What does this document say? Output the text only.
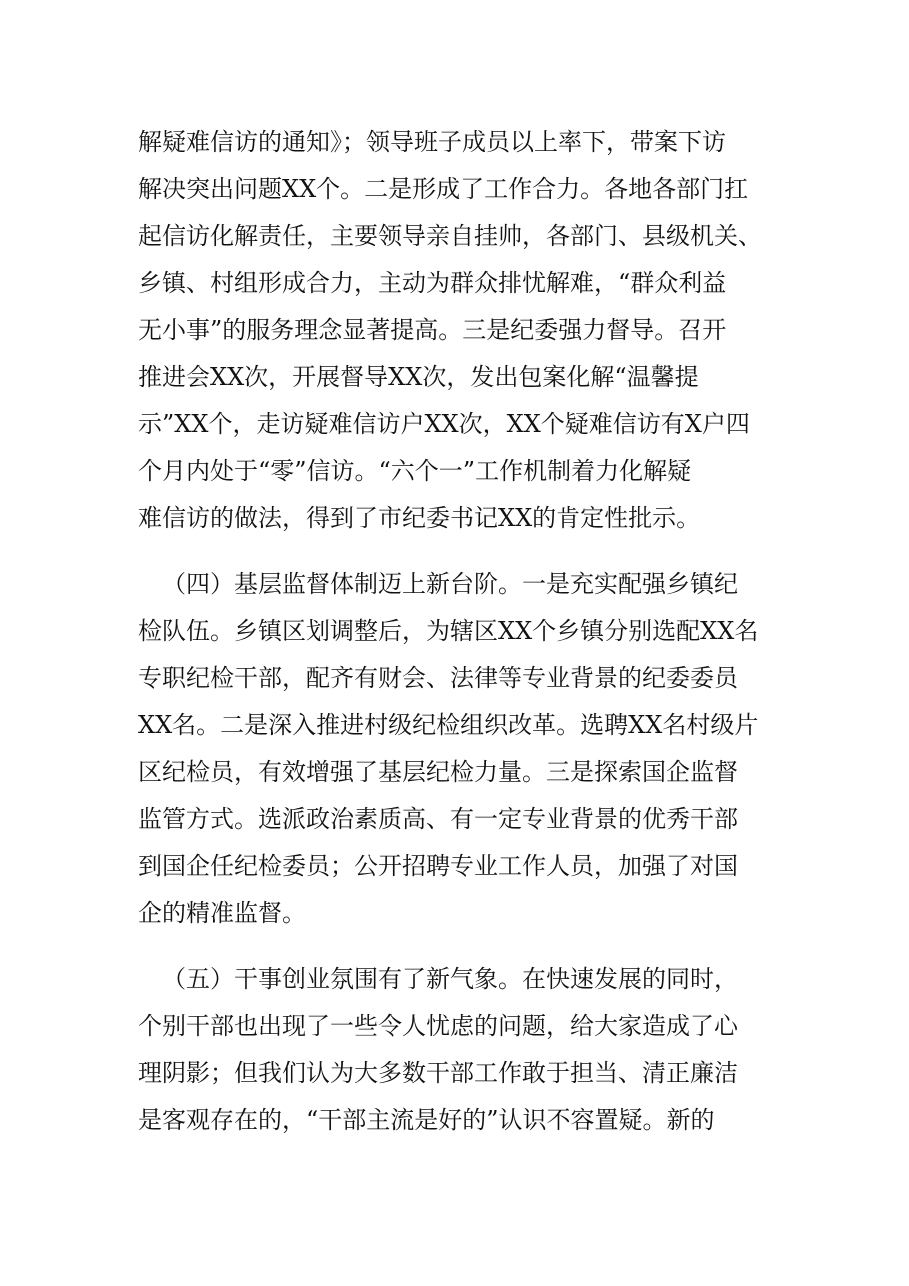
解疑难信访的通知》；领导班子成员以上率下，带案下访
解决突出问题XX个。二是形成了工作合力。各地各部门扛
起信访化解责任，主要领导亲自挂帅，各部门、县级机关、
乡镇、村组形成合力，主动为群众排忧解难，“群众利益
无小事”的服务理念显著提高。三是纪委强力督导。召开
推进会XX次，开展督导XX次，发出包案化解“温馨提
示”XX个，走访疑难信访户XX次，XX个疑难信访有X户四
个月内处于“零”信访。“六个一”工作机制着力化解疑
难信访的做法，得到了市纪委书记XX的肯定性批示。
（四）基层监督体制迈上新台阶。一是充实配强乡镇纪
检队伍。乡镇区划调整后，为辖区XX个乡镇分别选配XX名
专职纪检干部，配齐有财会、法律等专业背景的纪委委员
XX名。二是深入推进村级纪检组织改革。选聘XX名村级片
区纪检员，有效增强了基层纪检力量。三是探索国企监督
监管方式。选派政治素质高、有一定专业背景的优秀干部
到国企任纪检委员；公开招聘专业工作人员，加强了对国
企的精准监督。
（五）干事创业氛围有了新气象。在快速发展的同时，
个别干部也出现了一些令人忧虑的问题，给大家造成了心
理阴影；但我们认为大多数干部工作敢于担当、清正廉洁
是客观存在的，“干部主流是好的”认识不容置疑。新的
